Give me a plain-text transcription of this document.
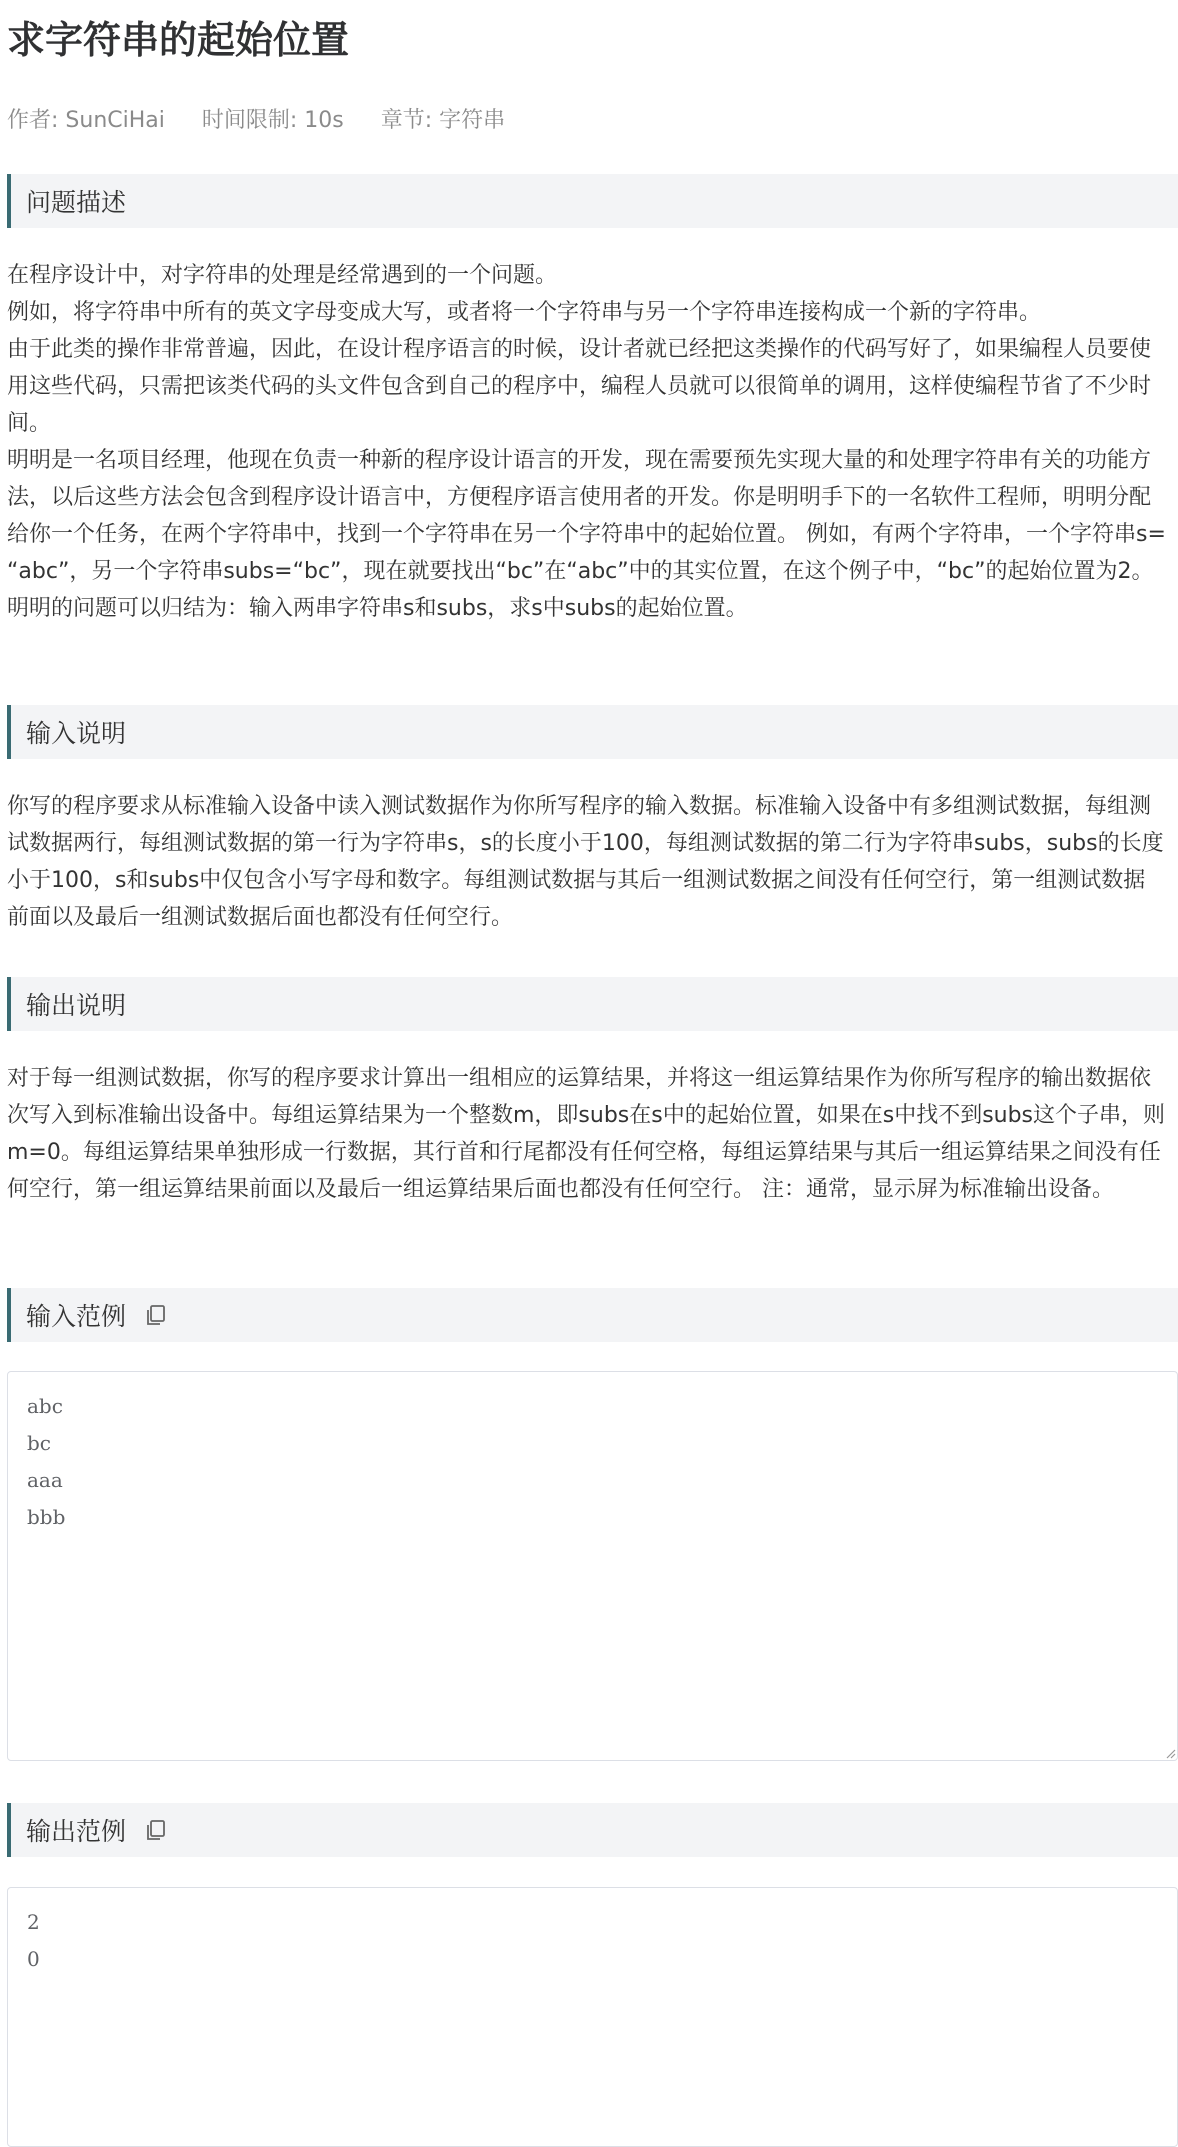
求字符串的起始位置
作者: SunCiHai 时间限制: 10s 章节: 字符串
问题描述

在程序设计中，对字符串的处理是经常遇到的一个问题。

例如，将字符串中所有的英文字母变成大写，或者将一个字符串与另一个字符串连接构成一个新的字符串。

由于此类的操作非常普遍，因此，在设计程序语言的时候，设计者就已经把这类操作的代码写好了，如果编程人员要使用这些代码，只需把该类代码的头文件包含到自己的程序中，编程人员就可以很简单的调用，这样使编程节省了不少时间。

明明是一名项目经理，他现在负责一种新的程序设计语言的开发，现在需要预先实现大量的和处理字符串有关的功能方法，以后这些方法会包含到程序设计语言中，方便程序语言使用者的开发。你是明明手下的一名软件工程师，明明分配给你一个任务，在两个字符串中，找到一个字符串在另一个字符串中的起始位置。 例如，有两个字符串，一个字符串s= “abc”，另一个字符串subs=“bc”，现在就要找出“bc”在“abc”中的其实位置，在这个例子中，“bc”的起始位置为2。

明明的问题可以归结为：输入两串字符串s和subs，求s中subs的起始位置。

输入说明

你写的程序要求从标准输入设备中读入测试数据作为你所写程序的输入数据。标准输入设备中有多组测试数据，每组测试数据两行，每组测试数据的第一行为字符串s，s的长度小于100，每组测试数据的第二行为字符串subs，subs的长度小于100，s和subs中仅包含小写字母和数字。每组测试数据与其后一组测试数据之间没有任何空行，第一组测试数据前面以及最后一组测试数据后面也都没有任何空行。

输出说明

对于每一组测试数据，你写的程序要求计算出一组相应的运算结果，并将这一组运算结果作为你所写程序的输出数据依次写入到标准输出设备中。每组运算结果为一个整数m，即subs在s中的起始位置，如果在s中找不到subs这个子串，则m=0。每组运算结果单独形成一行数据，其行首和行尾都没有任何空格，每组运算结果与其后一组运算结果之间没有任何空行，第一组运算结果前面以及最后一组运算结果后面也都没有任何空行。 注：通常，显示屏为标准输出设备。

输入范例
abc
bc
aaa
bbb
输出范例
2
0
